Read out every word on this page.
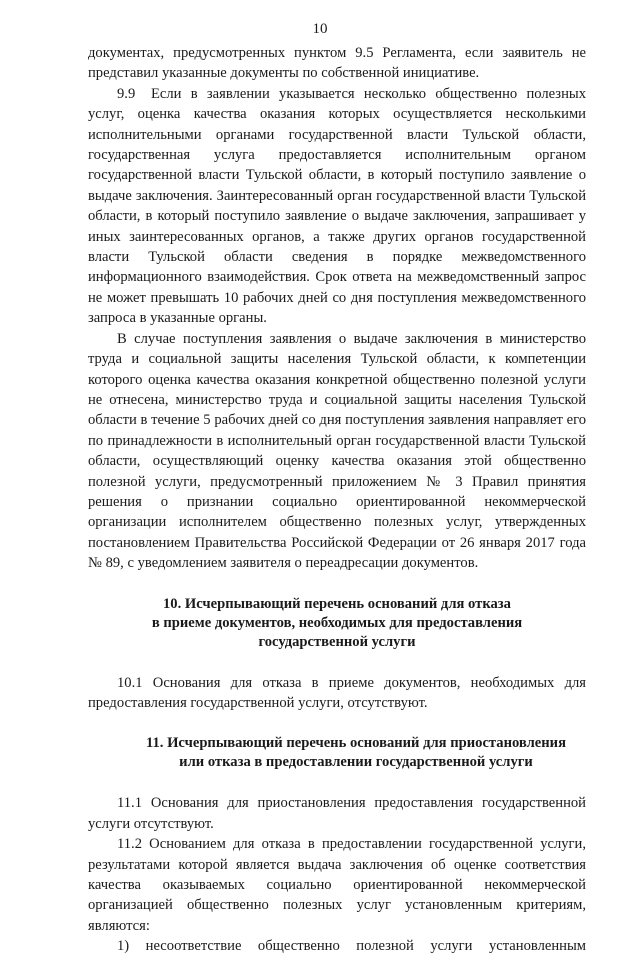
10

документах, предусмотренных пунктом 9.5 Регламента, если заявитель не представил указанные документы по собственной инициативе.

9.9 Если в заявлении указывается несколько общественно полезных услуг, оценка качества оказания которых осуществляется несколькими исполнительными органами государственной власти Тульской области, государственная услуга предоставляется исполнительным органом государственной власти Тульской области, в который поступило заявление о выдаче заключения. Заинтересованный орган государственной власти Тульской области, в который поступило заявление о выдаче заключения, запрашивает у иных заинтересованных органов, а также других органов государственной власти Тульской области сведения в порядке межведомственного информационного взаимодействия. Срок ответа на межведомственный запрос не может превышать 10 рабочих дней со дня поступления межведомственного запроса в указанные органы.

В случае поступления заявления о выдаче заключения в министерство труда и социальной защиты населения Тульской области, к компетенции которого оценка качества оказания конкретной общественно полезной услуги не отнесена, министерство труда и социальной защиты населения Тульской области в течение 5 рабочих дней со дня поступления заявления направляет его по принадлежности в исполнительный орган государственной власти Тульской области, осуществляющий оценку качества оказания этой общественно полезной услуги, предусмотренный приложением № 3 Правил принятия решения о признании социально ориентированной некоммерческой организации исполнителем общественно полезных услуг, утвержденных постановлением Правительства Российской Федерации от 26 января 2017 года № 89, с уведомлением заявителя о переадресации документов.

10. Исчерпывающий перечень оснований для отказа

в приеме документов, необходимых для предоставления

государственной услуги

10.1 Основания для отказа в приеме документов, необходимых для предоставления государственной услуги, отсутствуют.

11. Исчерпывающий перечень оснований для приостановления

или отказа в предоставлении государственной услуги

11.1 Основания для приостановления предоставления государственной услуги отсутствуют.

11.2 Основанием для отказа в предоставлении государственной услуги, результатами которой является выдача заключения об оценке соответствия качества оказываемых социально ориентированной некоммерческой организацией общественно полезных услуг установленным критериям, являются:

1) несоответствие общественно полезной услуги установленным
